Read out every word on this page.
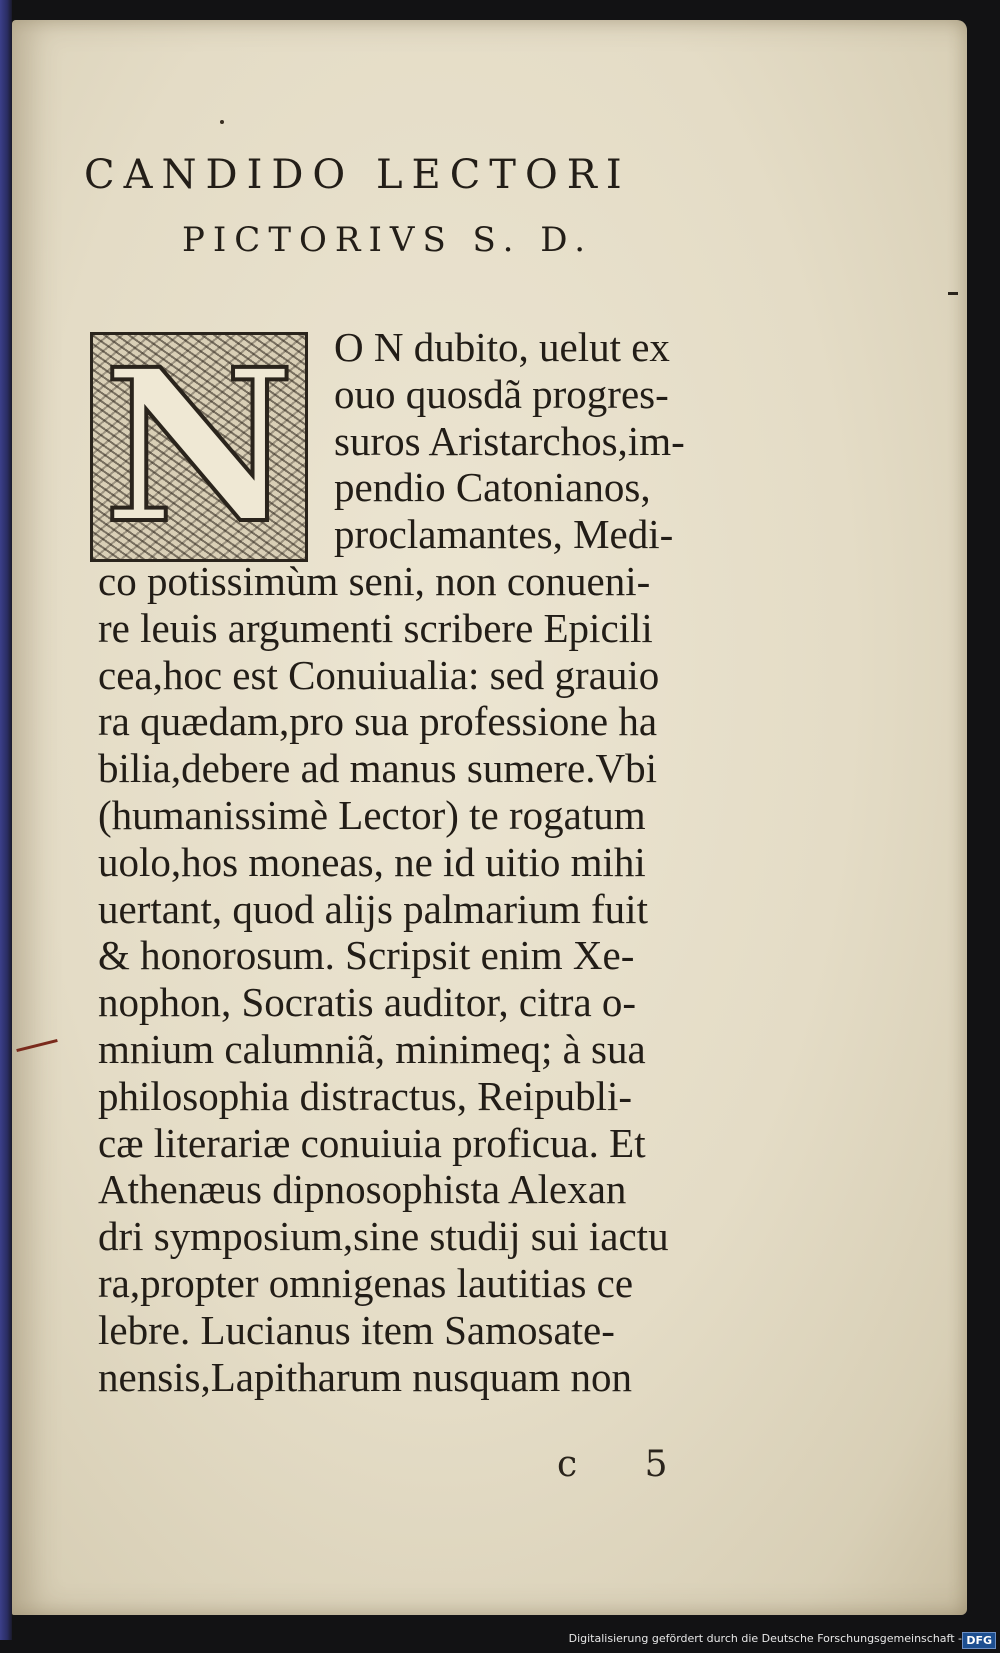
CANDIDO LECTORI
PICTORIVS S. D.
N O N dubito, uelut ex
ouo quosdã progres-
suros Aristarchos,im-
pendio Catonianos,
proclamantes, Medi-
co potissimùm seni, non conueni-
re leuis argumenti scribere Epicili
cea,hoc est Conuiualia: sed grauio
ra quædam,pro sua professione ha
bilia,debere ad manus sumere.Vbi
(humanissimè Lector) te rogatum
uolo,hos moneas, ne id uitio mihi
uertant, quod alijs palmarium fuit
& honorosum. Scripsit enim Xe-
nophon, Socratis auditor, citra o-
mnium calumniã, minimeq; à sua
philosophia distractus, Reipubli-
cæ literariæ conuiuia proficua. Et
Athenæus dipnosophista Alexan
dri symposium,sine studij sui iactu
ra,propter omnigenas lautitias ce
lebre. Lucianus item Samosate-
nensis,Lapitharum nusquam non
c 5
Digitalisierung gefördert durch die Deutsche Forschungsgemeinschaft - DFG
